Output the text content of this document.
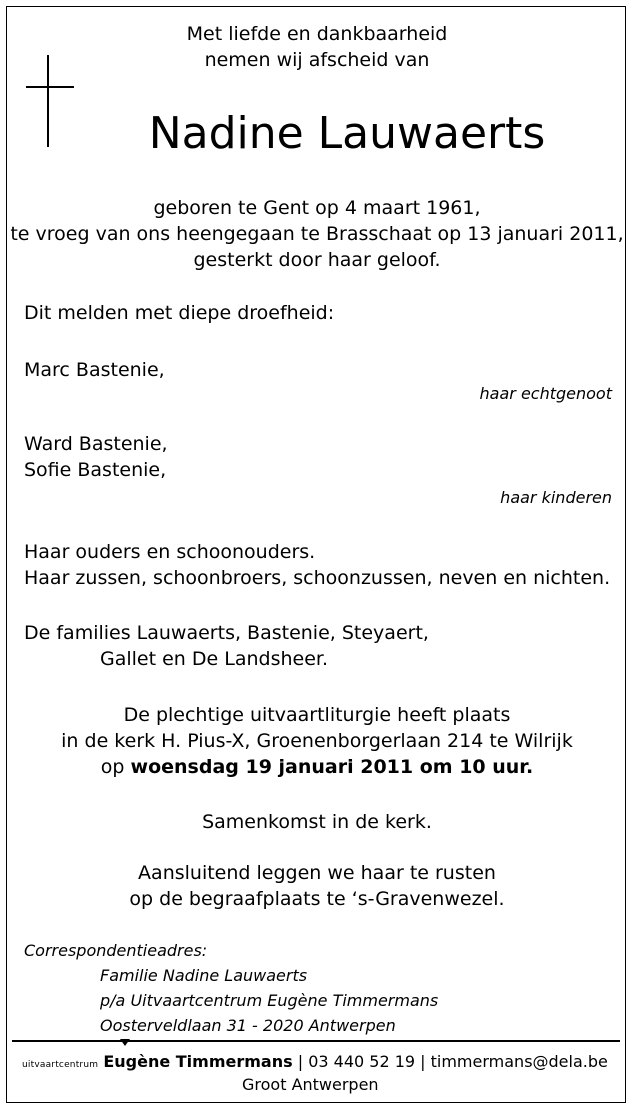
Met liefde en dankbaarheid
nemen wij afscheid van
Nadine Lauwaerts
geboren te Gent op 4 maart 1961,
te vroeg van ons heengegaan te Brasschaat op 13 januari 2011,
gesterkt door haar geloof.
Dit melden met diepe droefheid:
Marc Bastenie,
haar echtgenoot
Ward Bastenie,
Sofie Bastenie,
haar kinderen
Haar ouders en schoonouders.
Haar zussen, schoonbroers, schoonzussen, neven en nichten.
De families Lauwaerts, Bastenie, Steyaert,
Gallet en De Landsheer.
De plechtige uitvaartliturgie heeft plaats
in de kerk H. Pius-X, Groenenborgerlaan 214 te Wilrijk
op woensdag 19 januari 2011 om 10 uur.
Samenkomst in de kerk.
Aansluitend leggen we haar te rusten
op de begraafplaats te ‘s-Gravenwezel.
Correspondentieadres:
Familie Nadine Lauwaerts
p/a Uitvaartcentrum Eugène Timmermans
Oosterveldlaan 31 - 2020 Antwerpen
uitvaartcentrum Eugène Timmermans | 03 440 52 19 | timmermans@dela.be
Groot Antwerpen
